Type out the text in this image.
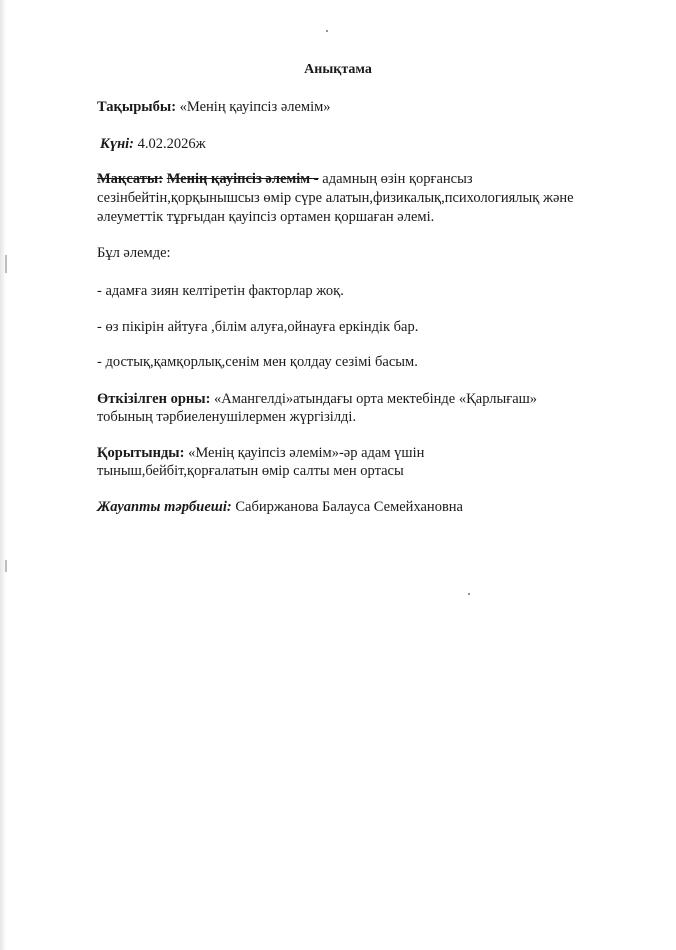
Анықтама
Тақырыбы: «Менің қауіпсіз әлемім»
Күні: 4.02.2026ж
Мақсаты: Менің қауіпсіз әлемім - адамның өзін қорғансыз
сезінбейтін,қорқынышсыз өмір сүре алатын,физикалық,психологиялық және
әлеуметтік тұрғыдан қауіпсіз ортамен қоршаған әлемі.
Бұл әлемде:
- адамға зиян келтіретін факторлар жоқ.
- өз пікірін айтуға ,білім алуға,ойнауға еркіндік бар.
- достық,қамқорлық,сенім мен қолдау сезімі басым.
Өткізілген орны: «Амангелді»атындағы орта мектебінде «Қарлығаш»
тобының тәрбиеленушілермен жүргізілді.
Қорытынды: «Менің қауіпсіз әлемім»-әр адам үшін
тыныш,бейбіт,қорғалатын өмір салты мен ортасы
Жауапты тәрбиеші: Сабиржанова Балауса Семейхановна
